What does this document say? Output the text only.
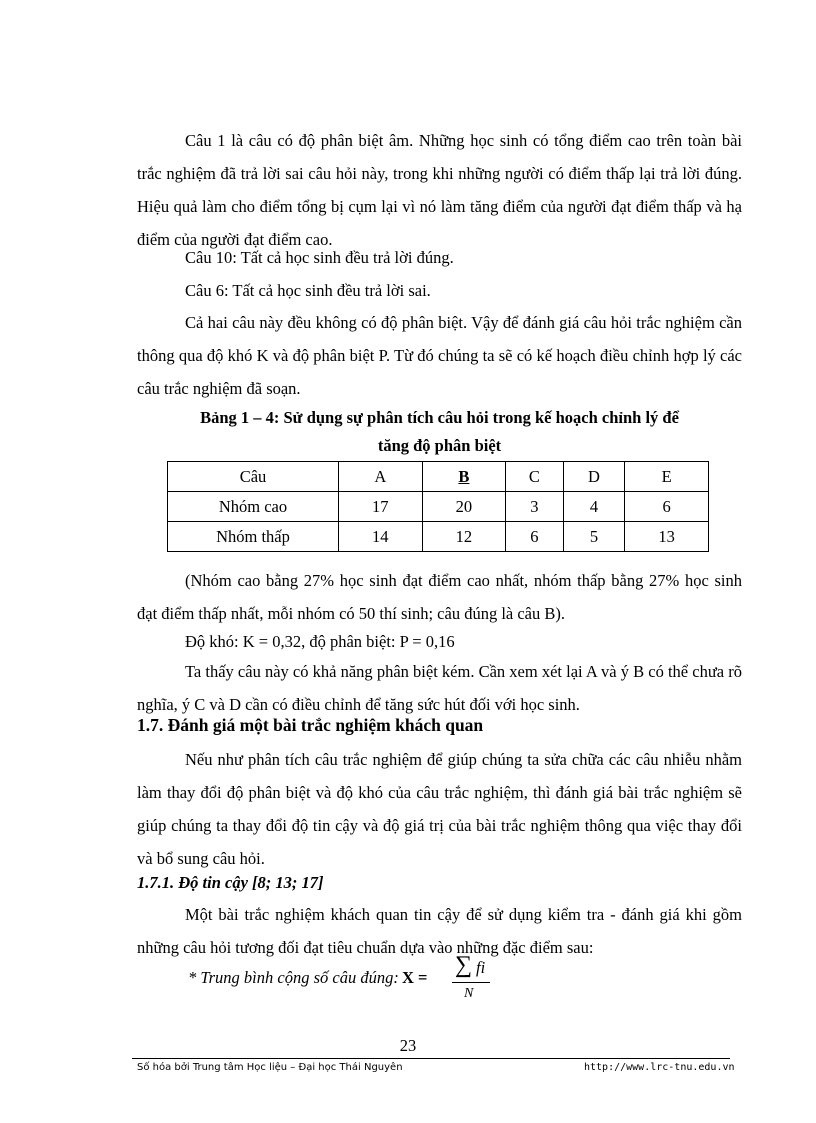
Câu 1 là câu có độ phân biệt âm. Những học sinh có tổng điểm cao trên toàn bài trắc nghiệm đã trả lời sai câu hỏi này, trong khi những người có điểm thấp lại trả lời đúng. Hiệu quả làm cho điểm tổng bị cụm lại vì nó làm tăng điểm của người đạt điểm thấp và hạ điểm của người đạt điểm cao.
Câu 10: Tất cả học sinh đều trả lời đúng.
Câu 6: Tất cả học sinh đều trả lời sai.
Cả hai câu này đều không có độ phân biệt. Vậy để đánh giá câu hỏi trắc nghiệm cần thông qua độ khó K và độ phân biệt P. Từ đó chúng ta sẽ có kế hoạch điều chỉnh hợp lý các câu trắc nghiệm đã soạn.
Bảng 1 – 4: Sử dụng sự phân tích câu hỏi trong kế hoạch chỉnh lý để
tăng độ phân biệt
Câu	A	B	C	D	E
Nhóm cao	17	20	3	4	6
Nhóm thấp	14	12	6	5	13
(Nhóm cao bằng 27% học sinh đạt điểm cao nhất, nhóm thấp bằng 27% học sinh đạt điểm thấp nhất, mỗi nhóm có 50 thí sinh; câu đúng là câu B).
Độ khó: K = 0,32, độ phân biệt: P = 0,16
Ta thấy câu này có khả năng phân biệt kém. Cần xem xét lại A và ý B có thể chưa rõ nghĩa, ý C và D cần có điều chỉnh để tăng sức hút đối với học sinh.
1.7. Đánh giá một bài trắc nghiệm khách quan
Nếu như phân tích câu trắc nghiệm để giúp chúng ta sửa chữa các câu nhiễu nhằm làm thay đổi độ phân biệt và độ khó của câu trắc nghiệm, thì đánh giá bài trắc nghiệm sẽ giúp chúng ta thay đổi độ tin cậy và độ giá trị của bài trắc nghiệm thông qua việc thay đổi và bổ sung câu hỏi.
1.7.1. Độ tin cậy [8; 13; 17]
Một bài trắc nghiệm khách quan tin cậy để sử dụng kiểm tra - đánh giá khi gồm những câu hỏi tương đối đạt tiêu chuẩn dựa vào những đặc điểm sau:
* Trung bình cộng số câu đúng: X = ∑ fi
N
23
Số hóa bởi Trung tâm Học liệu – Đại học Thái Nguyên	http://www.lrc-tnu.edu.vn
